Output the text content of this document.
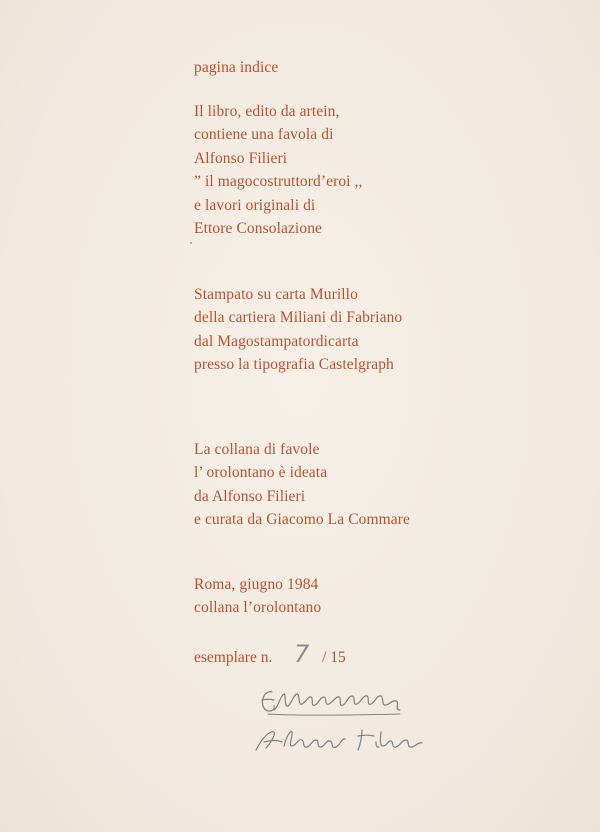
pagina indice
Il libro, edito da artein,
contiene una favola di
Alfonso Filieri
” il magocostruttord’eroi ,,
e lavori originali di
Ettore Consolazione
Stampato su carta Murillo
della cartiera Miliani di Fabriano
dal Magostampatordicarta
presso la tipografia Castelgraph
La collana di favole
l’ orolontano è ideata
da Alfonso Filieri
e curata da Giacomo La Commare
Roma, giugno 1984
collana l’orolontano
esemplare n.	/ 15
7
